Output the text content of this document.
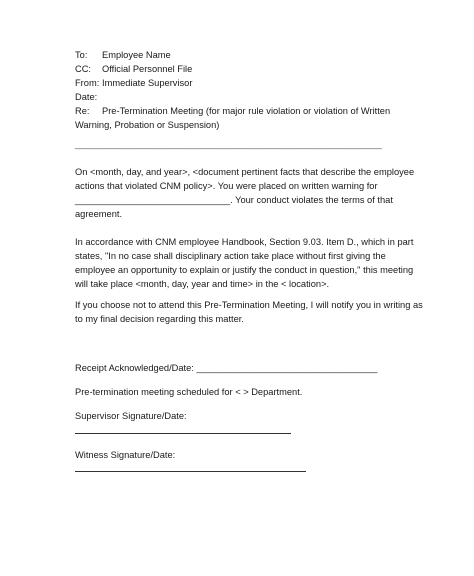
To: Employee Name
CC: Official Personnel File
From: Immediate Supervisor
Date:
Re: Pre-Termination Meeting (for major rule violation or violation of Written
Warning, Probation or Suspension)
___________________________________________________________________
On <month, day, and year>, <document pertinent facts that describe the employee
actions that violated CNM policy>. You were placed on written warning for
______________________________. Your conduct violates the terms of that
agreement.
In accordance with CNM employee Handbook, Section 9.03. Item D., which in part
states, "In no case shall disciplinary action take place without first giving the
employee an opportunity to explain or justify the conduct in question," this meeting
will take place <month, day, year and time> in the < location>.
If you choose not to attend this Pre-Termination Meeting, I will notify you in writing as
to my final decision regarding this matter.
Receipt Acknowledged/Date: ___________________________________
Pre-termination meeting scheduled for < > Department.
Supervisor Signature/Date:
Witness Signature/Date:
